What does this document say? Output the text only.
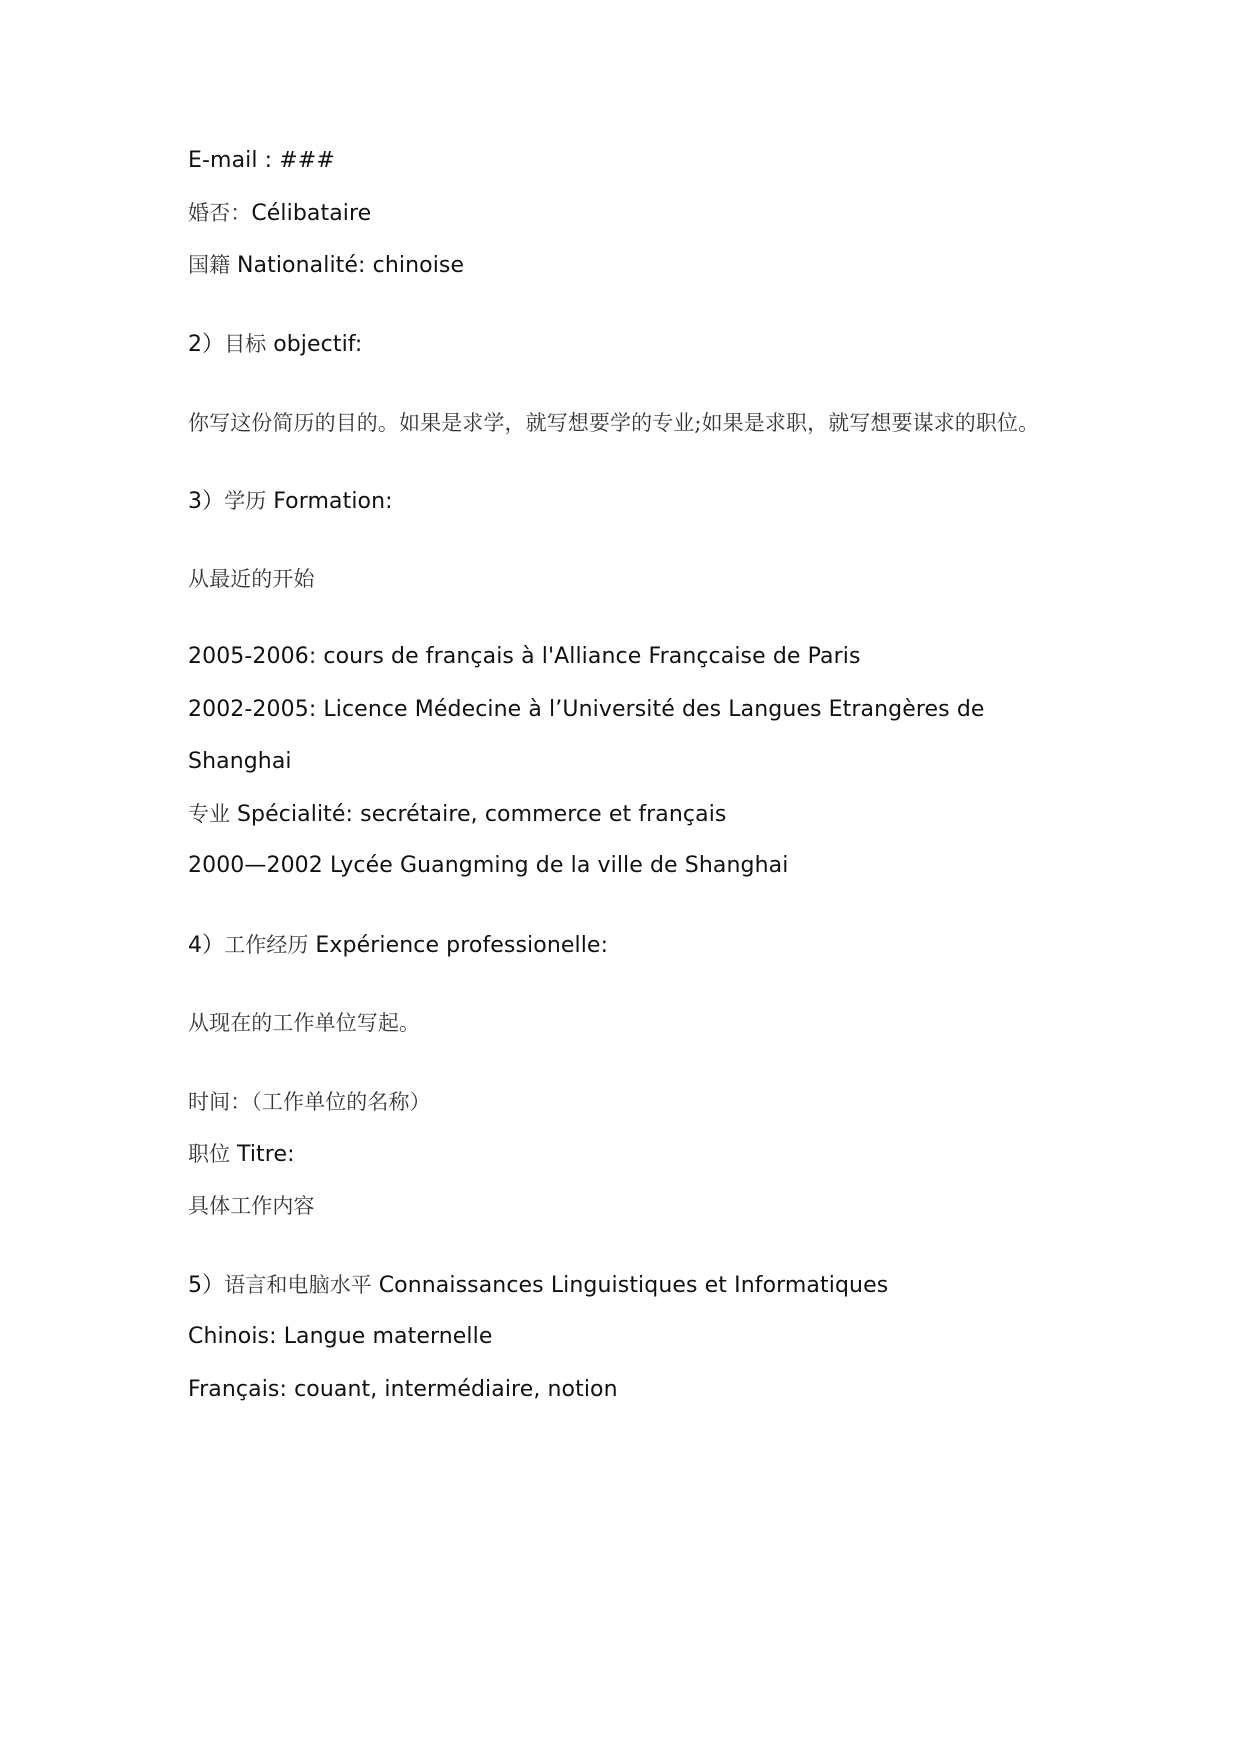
E-mail : ###

婚否：Célibataire

国籍 Nationalité: chinoise

2）目标 objectif:

你写这份简历的目的。如果是求学，就写想要学的专业;如果是求职，就写想要谋求的职位。

3）学历 Formation:

从最近的开始

2005-2006: cours de français à l'Alliance Françcaise de Paris

2002-2005: Licence Médecine à l’Université des Langues Etrangères de

Shanghai

专业 Spécialité: secrétaire, commerce et français

2000—2002 Lycée Guangming de la ville de Shanghai

4）工作经历 Expérience professionelle:

从现在的工作单位写起。

时间：（工作单位的名称）

职位 Titre:

具体工作内容

5）语言和电脑水平 Connaissances Linguistiques et Informatiques

Chinois: Langue maternelle

Français: couant, intermédiaire, notion
